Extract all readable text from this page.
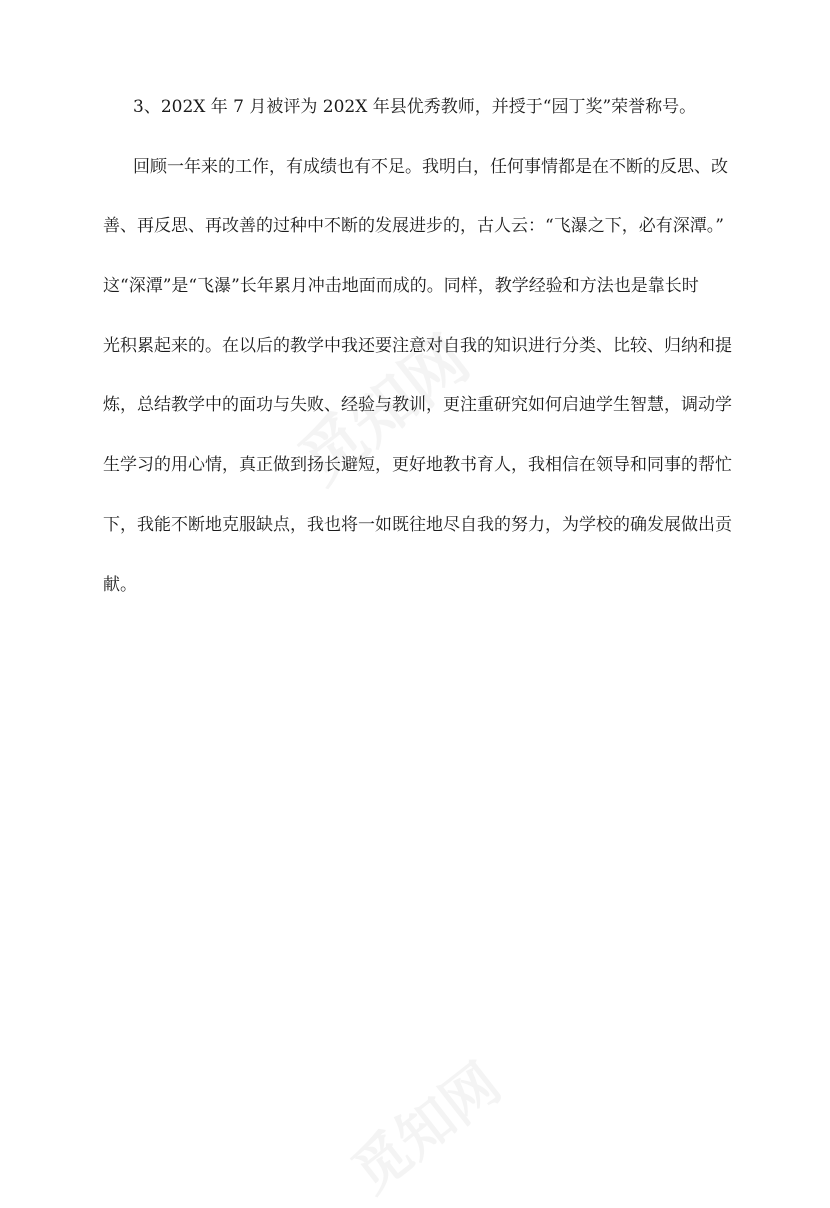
3、202X 年 7 月被评为 202X 年县优秀教师，并授于“园丁奖”荣誉称号。
回顾一年来的工作，有成绩也有不足。我明白，任何事情都是在不断的反思、改
善、再反思、再改善的过种中不断的发展进步的，古人云：“飞瀑之下，必有深潭。”
这“深潭”是“飞瀑”长年累月冲击地面而成的。同样，教学经验和方法也是靠长时
光积累起来的。在以后的教学中我还要注意对自我的知识进行分类、比较、归纳和提
炼，总结教学中的面功与失败、经验与教训，更注重研究如何启迪学生智慧，调动学
生学习的用心情，真正做到扬长避短，更好地教书育人，我相信在领导和同事的帮忙
下，我能不断地克服缺点，我也将一如既往地尽自我的努力，为学校的确发展做出贡
献。
